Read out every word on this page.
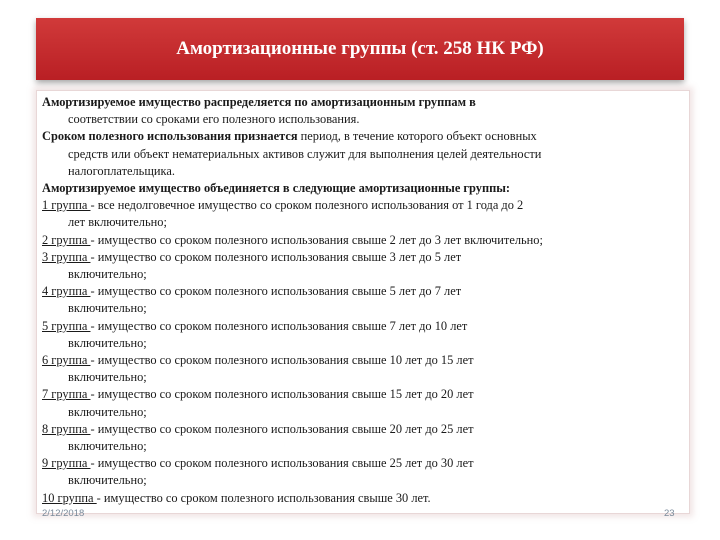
Амортизационные группы (ст. 258 НК РФ)

Амортизируемое имущество распределяется по амортизационным группам в
соответствии со сроками его полезного использования.

Сроком полезного использования признается период, в течение которого объект основных
средств или объект нематериальных активов служит для выполнения целей деятельности
налогоплательщика.

Амортизируемое имущество объединяется в следующие амортизационные группы:

1 группа - все недолговечное имущество со сроком полезного использования от 1 года до 2
лет включительно;

2 группа - имущество со сроком полезного использования свыше 2 лет до 3 лет включительно;

3 группа - имущество со сроком полезного использования свыше 3 лет до 5 лет
включительно;

4 группа - имущество со сроком полезного использования свыше 5 лет до 7 лет
включительно;

5 группа - имущество со сроком полезного использования свыше 7 лет до 10 лет
включительно;

6 группа - имущество со сроком полезного использования свыше 10 лет до 15 лет
включительно;

7 группа - имущество со сроком полезного использования свыше 15 лет до 20 лет
включительно;

8 группа - имущество со сроком полезного использования свыше 20 лет до 25 лет
включительно;

9 группа - имущество со сроком полезного использования свыше 25 лет до 30 лет
включительно;

10 группа - имущество со сроком полезного использования свыше 30 лет.

2/12/2018	23
